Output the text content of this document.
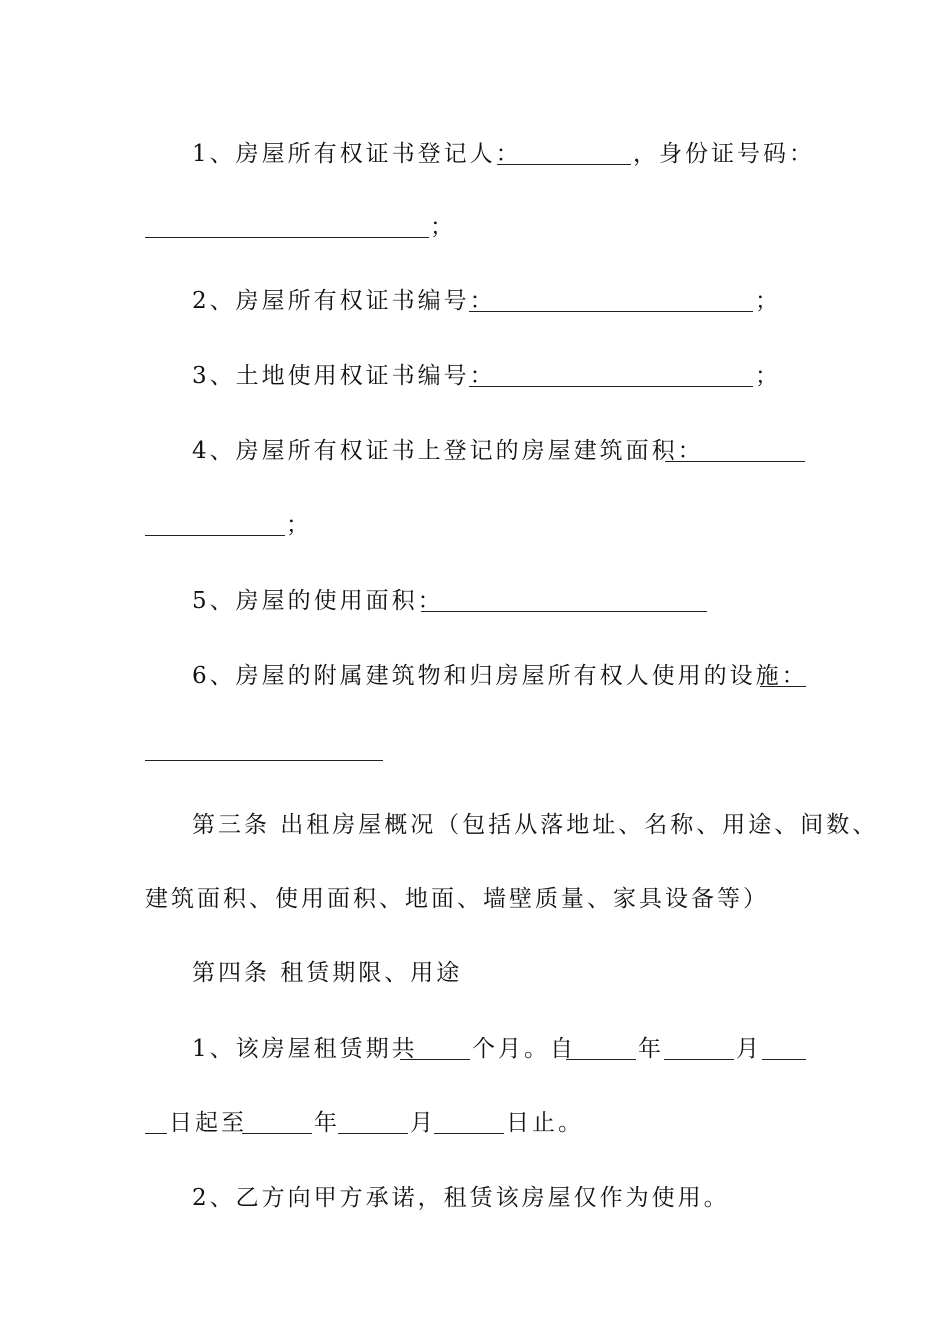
1、房屋所有权证书登记人：	，身份证号码：
；
2、房屋所有权证书编号：	；
3、土地使用权证书编号：	；
4、房屋所有权证书上登记的房屋建筑面积：
；
5、房屋的使用面积：
6、房屋的附属建筑物和归房屋所有权人使用的设施：
第三条 出租房屋概况（包括从落地址、名称、用途、间数、
建筑面积、使用面积、地面、墙壁质量、家具设备等）
第四条 租赁期限、用途
1、该房屋租赁期共 个月。自	年	月
日起至	年	月	日止。
2、乙方向甲方承诺，租赁该房屋仅作为使用。
